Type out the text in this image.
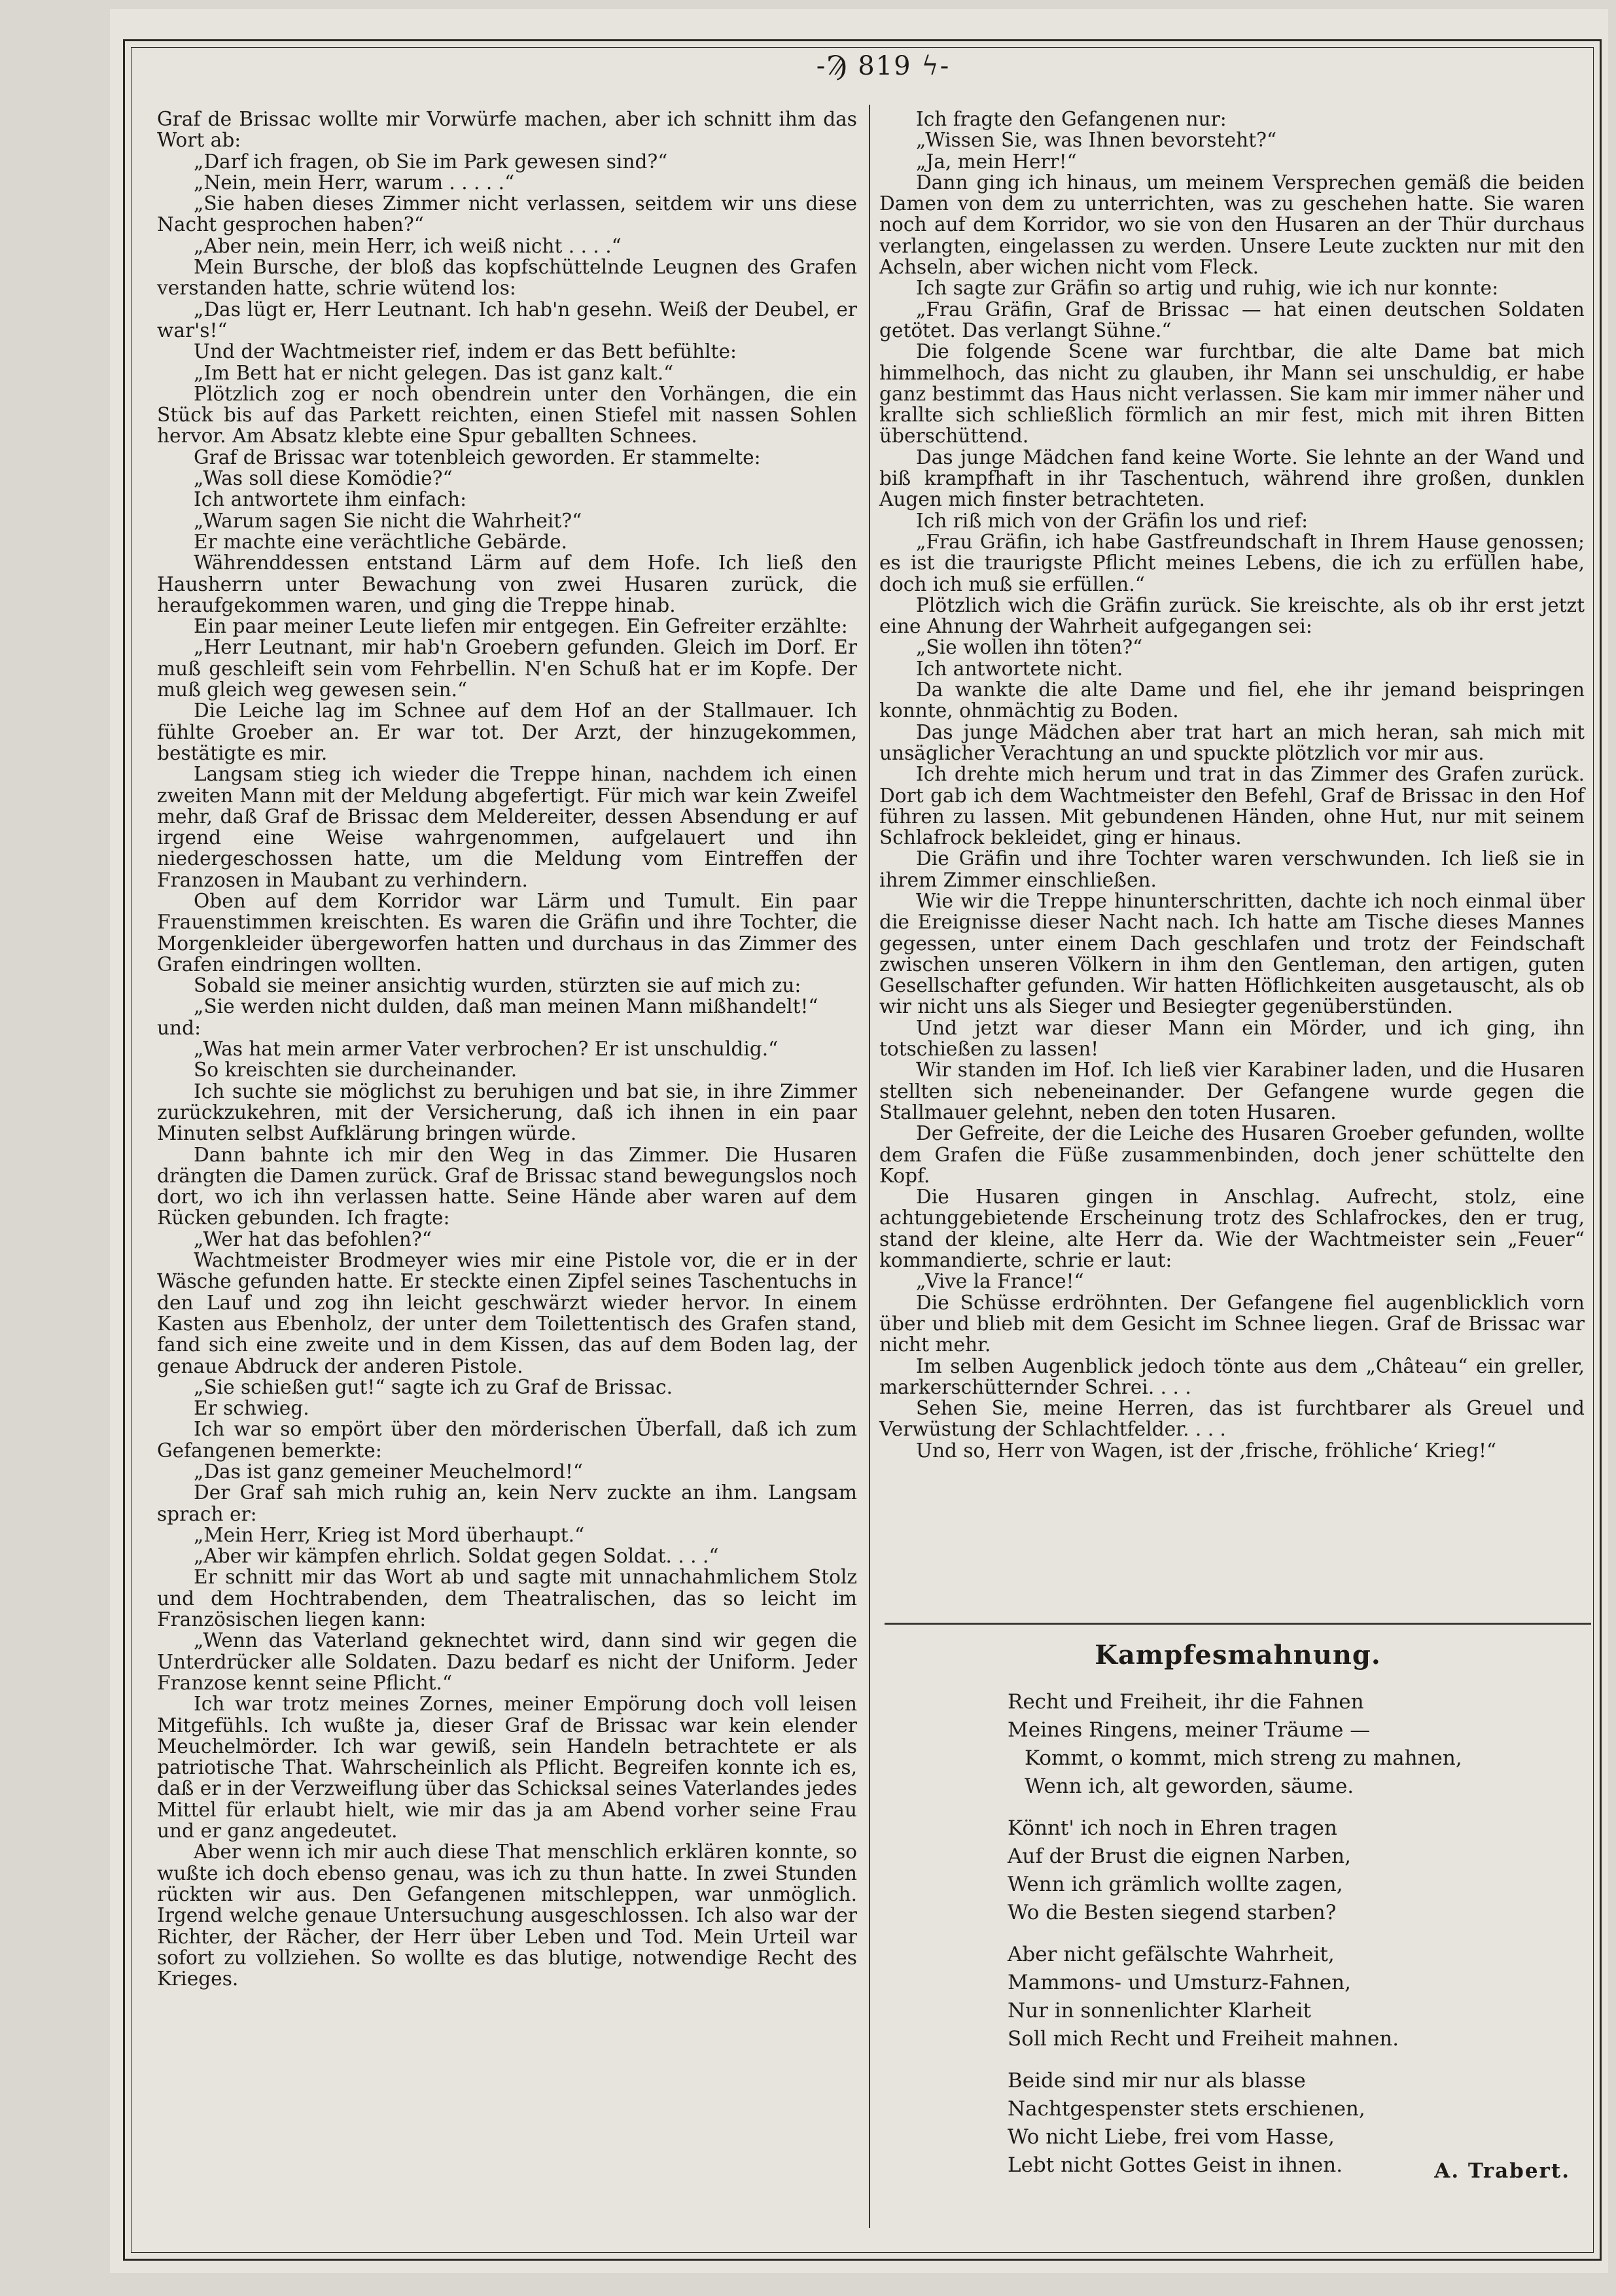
-Ϡ 819 ϟ-

Graf de Brissac wollte mir Vorwürfe machen, aber ich schnitt ihm das Wort ab:

„Darf ich fragen, ob Sie im Park gewesen sind?“

„Nein, mein Herr, warum . . . . .“

„Sie haben dieses Zimmer nicht verlassen, seitdem wir uns diese Nacht gesprochen haben?“

„Aber nein, mein Herr, ich weiß nicht . . . .“

Mein Bursche, der bloß das kopfschüttelnde Leugnen des Grafen verstanden hatte, schrie wütend los:

„Das lügt er, Herr Leutnant. Ich hab'n gesehn. Weiß der Deubel, er war's!“

Und der Wachtmeister rief, indem er das Bett befühlte:

„Im Bett hat er nicht gelegen. Das ist ganz kalt.“

Plötzlich zog er noch obendrein unter den Vorhängen, die ein Stück bis auf das Parkett reichten, einen Stiefel mit nassen Sohlen hervor. Am Absatz klebte eine Spur geballten Schnees.

Graf de Brissac war totenbleich geworden. Er stammelte:

„Was soll diese Komödie?“

Ich antwortete ihm einfach:

„Warum sagen Sie nicht die Wahrheit?“

Er machte eine verächtliche Gebärde.

Währenddessen entstand Lärm auf dem Hofe. Ich ließ den Hausherrn unter Bewachung von zwei Husaren zurück, die heraufgekommen waren, und ging die Treppe hinab.

Ein paar meiner Leute liefen mir entgegen. Ein Gefreiter erzählte:

„Herr Leutnant, mir hab'n Groebern gefunden. Gleich im Dorf. Er muß geschleift sein vom Fehrbellin. N'en Schuß hat er im Kopfe. Der muß gleich weg gewesen sein.“

Die Leiche lag im Schnee auf dem Hof an der Stallmauer. Ich fühlte Groeber an. Er war tot. Der Arzt, der hinzugekommen, bestätigte es mir.

Langsam stieg ich wieder die Treppe hinan, nachdem ich einen zweiten Mann mit der Meldung abgefertigt. Für mich war kein Zweifel mehr, daß Graf de Brissac dem Meldereiter, dessen Absendung er auf irgend eine Weise wahrgenommen, aufgelauert und ihn niedergeschossen hatte, um die Meldung vom Eintreffen der Franzosen in Maubant zu verhindern.

Oben auf dem Korridor war Lärm und Tumult. Ein paar Frauenstimmen kreischten. Es waren die Gräfin und ihre Tochter, die Morgenkleider übergeworfen hatten und durchaus in das Zimmer des Grafen eindringen wollten.

Sobald sie meiner ansichtig wurden, stürzten sie auf mich zu:

„Sie werden nicht dulden, daß man meinen Mann mißhandelt!“

und:

„Was hat mein armer Vater verbrochen? Er ist unschuldig.“

So kreischten sie durcheinander.

Ich suchte sie möglichst zu beruhigen und bat sie, in ihre Zimmer zurückzukehren, mit der Versicherung, daß ich ihnen in ein paar Minuten selbst Aufklärung bringen würde.

Dann bahnte ich mir den Weg in das Zimmer. Die Husaren drängten die Damen zurück. Graf de Brissac stand bewegungslos noch dort, wo ich ihn verlassen hatte. Seine Hände aber waren auf dem Rücken gebunden. Ich fragte:

„Wer hat das befohlen?“

Wachtmeister Brodmeyer wies mir eine Pistole vor, die er in der Wäsche gefunden hatte. Er steckte einen Zipfel seines Taschentuchs in den Lauf und zog ihn leicht geschwärzt wieder hervor. In einem Kasten aus Ebenholz, der unter dem Toilettentisch des Grafen stand, fand sich eine zweite und in dem Kissen, das auf dem Boden lag, der genaue Abdruck der anderen Pistole.

„Sie schießen gut!“ sagte ich zu Graf de Brissac.

Er schwieg.

Ich war so empört über den mörderischen Überfall, daß ich zum Gefangenen bemerkte:

„Das ist ganz gemeiner Meuchelmord!“

Der Graf sah mich ruhig an, kein Nerv zuckte an ihm. Langsam sprach er:

„Mein Herr, Krieg ist Mord überhaupt.“

„Aber wir kämpfen ehrlich. Soldat gegen Soldat. . . .“

Er schnitt mir das Wort ab und sagte mit unnachahmlichem Stolz und dem Hochtrabenden, dem Theatralischen, das so leicht im Französischen liegen kann:

„Wenn das Vaterland geknechtet wird, dann sind wir gegen die Unterdrücker alle Soldaten. Dazu bedarf es nicht der Uniform. Jeder Franzose kennt seine Pflicht.“

Ich war trotz meines Zornes, meiner Empörung doch voll leisen Mitgefühls. Ich wußte ja, dieser Graf de Brissac war kein elender Meuchelmörder. Ich war gewiß, sein Handeln betrachtete er als patriotische That. Wahrscheinlich als Pflicht. Begreifen konnte ich es, daß er in der Verzweiflung über das Schicksal seines Vaterlandes jedes Mittel für erlaubt hielt, wie mir das ja am Abend vorher seine Frau und er ganz angedeutet.

Aber wenn ich mir auch diese That menschlich erklären konnte, so wußte ich doch ebenso genau, was ich zu thun hatte. In zwei Stunden rückten wir aus. Den Gefangenen mitschleppen, war unmöglich. Irgend welche genaue Untersuchung ausgeschlossen. Ich also war der Richter, der Rächer, der Herr über Leben und Tod. Mein Urteil war sofort zu vollziehen. So wollte es das blutige, notwendige Recht des Krieges.

Ich fragte den Gefangenen nur:

„Wissen Sie, was Ihnen bevorsteht?“

„Ja, mein Herr!“

Dann ging ich hinaus, um meinem Versprechen gemäß die beiden Damen von dem zu unterrichten, was zu geschehen hatte. Sie waren noch auf dem Korridor, wo sie von den Husaren an der Thür durchaus verlangten, eingelassen zu werden. Unsere Leute zuckten nur mit den Achseln, aber wichen nicht vom Fleck.

Ich sagte zur Gräfin so artig und ruhig, wie ich nur konnte:

„Frau Gräfin, Graf de Brissac — hat einen deutschen Soldaten getötet. Das verlangt Sühne.“

Die folgende Scene war furchtbar, die alte Dame bat mich himmelhoch, das nicht zu glauben, ihr Mann sei unschuldig, er habe ganz bestimmt das Haus nicht verlassen. Sie kam mir immer näher und krallte sich schließlich förmlich an mir fest, mich mit ihren Bitten überschüttend.

Das junge Mädchen fand keine Worte. Sie lehnte an der Wand und biß krampfhaft in ihr Taschentuch, während ihre großen, dunklen Augen mich finster betrachteten.

Ich riß mich von der Gräfin los und rief:

„Frau Gräfin, ich habe Gastfreundschaft in Ihrem Hause genossen; es ist die traurigste Pflicht meines Lebens, die ich zu erfüllen habe, doch ich muß sie erfüllen.“

Plötzlich wich die Gräfin zurück. Sie kreischte, als ob ihr erst jetzt eine Ahnung der Wahrheit aufgegangen sei:

„Sie wollen ihn töten?“

Ich antwortete nicht.

Da wankte die alte Dame und fiel, ehe ihr jemand beispringen konnte, ohnmächtig zu Boden.

Das junge Mädchen aber trat hart an mich heran, sah mich mit unsäglicher Verachtung an und spuckte plötzlich vor mir aus.

Ich drehte mich herum und trat in das Zimmer des Grafen zurück. Dort gab ich dem Wachtmeister den Befehl, Graf de Brissac in den Hof führen zu lassen. Mit gebundenen Händen, ohne Hut, nur mit seinem Schlafrock bekleidet, ging er hinaus.

Die Gräfin und ihre Tochter waren verschwunden. Ich ließ sie in ihrem Zimmer einschließen.

Wie wir die Treppe hinunterschritten, dachte ich noch einmal über die Ereignisse dieser Nacht nach. Ich hatte am Tische dieses Mannes gegessen, unter einem Dach geschlafen und trotz der Feindschaft zwischen unseren Völkern in ihm den Gentleman, den artigen, guten Gesellschafter gefunden. Wir hatten Höflichkeiten ausgetauscht, als ob wir nicht uns als Sieger und Besiegter gegenüberstünden.

Und jetzt war dieser Mann ein Mörder, und ich ging, ihn totschießen zu lassen!

Wir standen im Hof. Ich ließ vier Karabiner laden, und die Husaren stellten sich nebeneinander. Der Gefangene wurde gegen die Stallmauer gelehnt, neben den toten Husaren.

Der Gefreite, der die Leiche des Husaren Groeber gefunden, wollte dem Grafen die Füße zusammenbinden, doch jener schüttelte den Kopf.

Die Husaren gingen in Anschlag. Aufrecht, stolz, eine achtunggebietende Erscheinung trotz des Schlafrockes, den er trug, stand der kleine, alte Herr da. Wie der Wachtmeister sein „Feuer“ kommandierte, schrie er laut:

„Vive la France!“

Die Schüsse erdröhnten. Der Gefangene fiel augenblicklich vorn über und blieb mit dem Gesicht im Schnee liegen. Graf de Brissac war nicht mehr.

Im selben Augenblick jedoch tönte aus dem „Château“ ein greller, markerschütternder Schrei. . . .

Sehen Sie, meine Herren, das ist furchtbarer als Greuel und Verwüstung der Schlachtfelder. . . .

Und so, Herr von Wagen, ist der ‚frische, fröhliche‘ Krieg!“

Kampfesmahnung.
Recht und Freiheit, ihr die Fahnen
Meines Ringens, meiner Träume —
Kommt, o kommt, mich streng zu mahnen,
Wenn ich, alt geworden, säume.
Könnt' ich noch in Ehren tragen
Auf der Brust die eignen Narben,
Wenn ich grämlich wollte zagen,
Wo die Besten siegend starben?
Aber nicht gefälschte Wahrheit,
Mammons- und Umsturz-Fahnen,
Nur in sonnenlichter Klarheit
Soll mich Recht und Freiheit mahnen.
Beide sind mir nur als blasse
Nachtgespenster stets erschienen,
Wo nicht Liebe, frei vom Hasse,
Lebt nicht Gottes Geist in ihnen.	A. Trabert.
